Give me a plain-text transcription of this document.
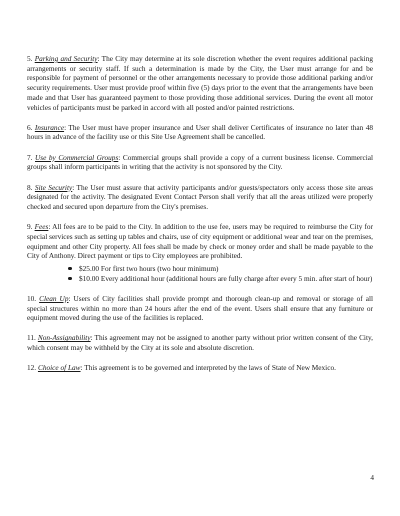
5. Parking and Security: The City may determine at its sole discretion whether the event requires additional packing arrangements or security staff. If such a determination is made by the City, the User must arrange for and be responsible for payment of personnel or the other arrangements necessary to provide those additional parking and/or security requirements. User must provide proof within five (5) days prior to the event that the arrangements have been made and that User has guaranteed payment to those providing those additional services. During the event all motor vehicles of participants must be parked in accord with all posted and/or painted restrictions.

6. Insurance: The User must have proper insurance and User shall deliver Certificates of insurance no later than 48 hours in advance of the facility use or this Site Use Agreement shall be cancelled.

7. Use by Commercial Groups: Commercial groups shall provide a copy of a current business license. Commercial groups shall inform participants in writing that the activity is not sponsored by the City.

8. Site Security: The User must assure that activity participants and/or guests/spectators only access those site areas designated for the activity. The designated Event Contact Person shall verify that all the areas utilized were properly checked and secured upon departure from the City's premises.

9. Fees: All fees are to be paid to the City. In addition to the use fee, users may be required to reimburse the City for special services such as setting up tables and chairs, use of city equipment or additional wear and tear on the premises, equipment and other City property. All fees shall be made by check or money order and shall be made payable to the City of Anthony. Direct payment or tips to City employees are prohibited.
$25.00 For first two hours (two hour minimum)
$10.00 Every additional hour (additional hours are fully charge after every 5 min. after start of hour)

10. Clean Up: Users of City facilities shall provide prompt and thorough clean-up and removal or storage of all special structures within no more than 24 hours after the end of the event. Users shall ensure that any furniture or equipment moved during the use of the facilities is replaced.

11. Non-Assignability: This agreement may not be assigned to another party without prior written consent of the City, which consent may be withheld by the City at its sole and absolute discretion.

12. Choice of Law: This agreement is to be governed and interpreted by the laws of State of New Mexico.

4
